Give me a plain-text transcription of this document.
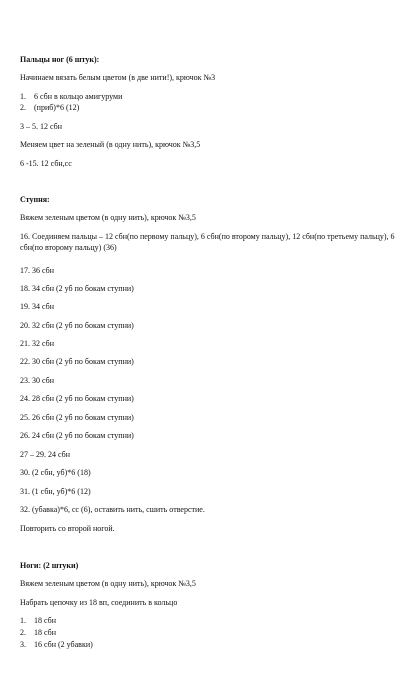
Пальцы ног (6 штук):
Начинаем вязать белым цветом (в две нити!), крючок №3
1. 6 сбн в кольцо амигуруми
2. (приб)*6 (12)
3 – 5. 12 сбн
Меняем цвет на зеленый (в одну нить), крючок №3,5
6 -15. 12 сбн,сс
Ступня:
Вяжем зеленым цветом (в одну нить), крючок №3,5
16. Соединяем пальцы – 12 сбн(по первому пальцу), 6 сбн(по второму пальцу), 12 сбн(по третьему пальцу), 6 сбн(по второму пальцу) (36)
17. 36 сбн
18. 34 сбн (2 уб по бокам ступни)
19. 34 сбн
20. 32 сбн (2 уб по бокам ступни)
21. 32 сбн
22. 30 сбн (2 уб по бокам ступни)
23. 30 сбн
24. 28 сбн (2 уб по бокам ступни)
25. 26 сбн (2 уб по бокам ступни)
26. 24 сбн (2 уб по бокам ступни)
27 – 29. 24 сбн
30. (2 сбн, уб)*6 (18)
31. (1 сбн, уб)*6 (12)
32. (убавка)*6, сс (6), оставить нить, сшить отверстие.
Повторить со второй ногой.
Ноги: (2 штуки)
Вяжем зеленым цветом (в одну нить), крючок №3,5
Набрать цепочку из 18 вп, соединить в кольцо
1. 18 сбн
2. 18 сбн
3. 16 сбн (2 убавки)
